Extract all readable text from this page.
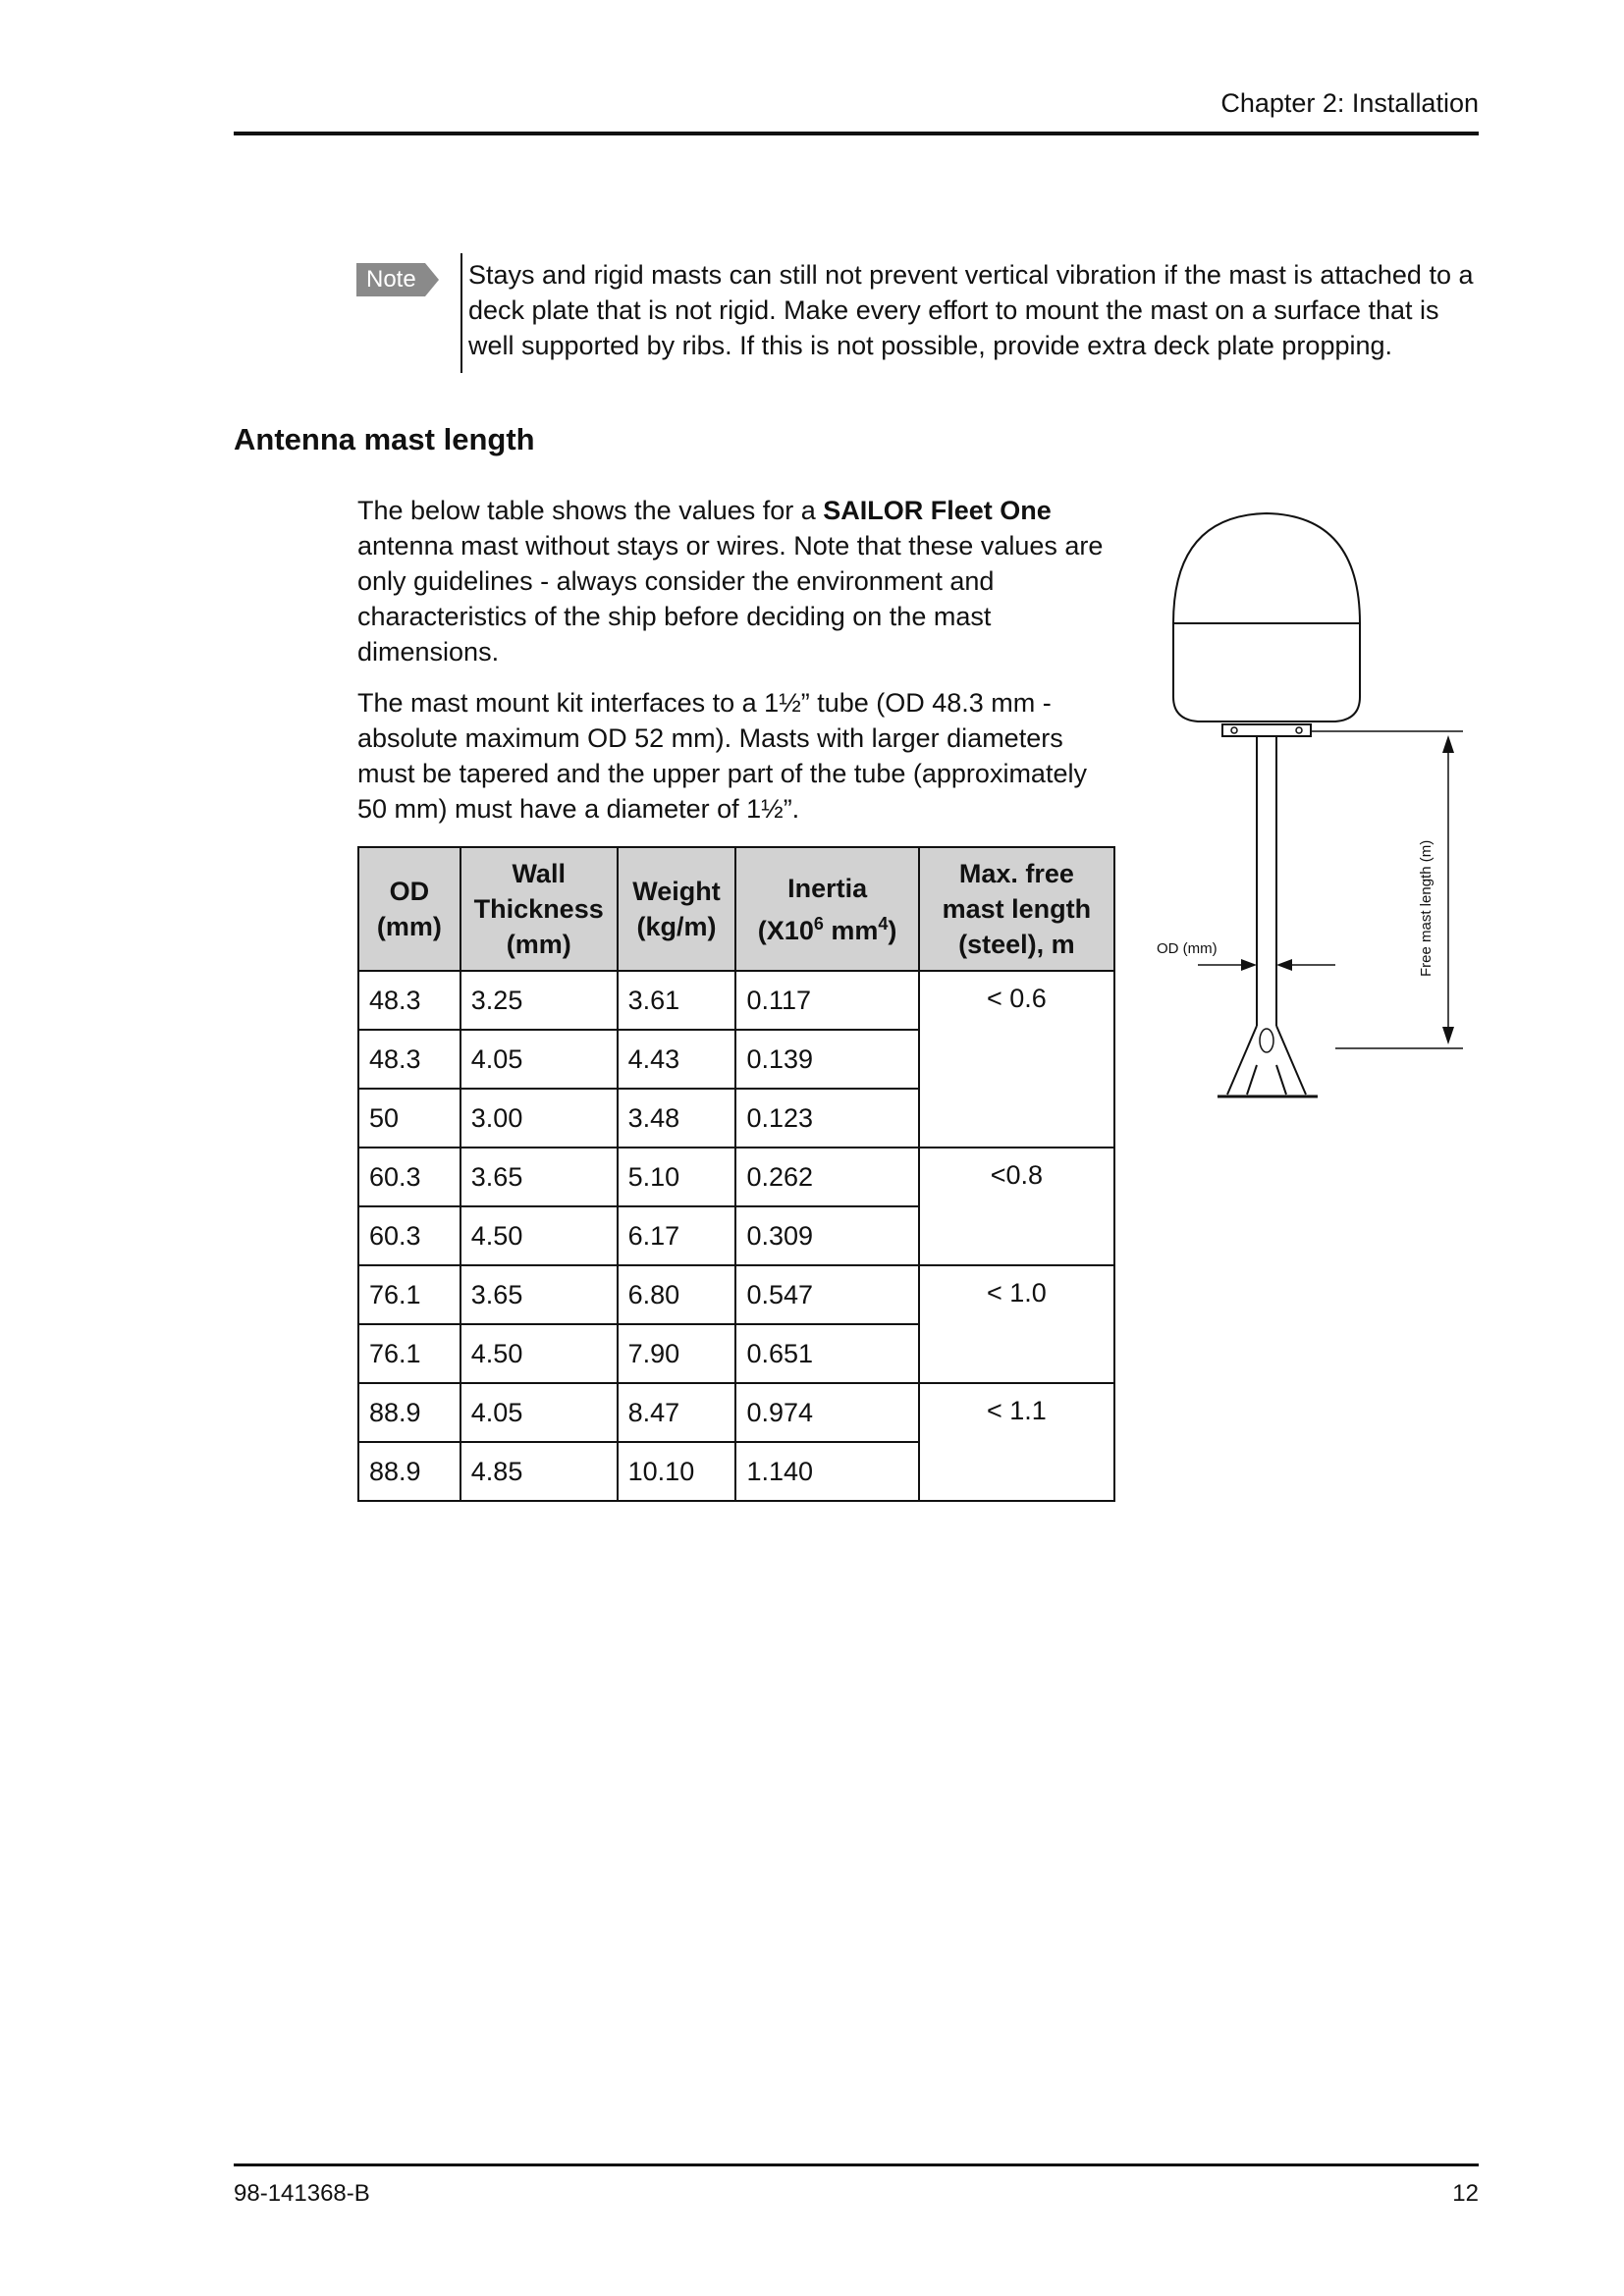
Chapter 2: Installation
Note	Stays and rigid masts can still not prevent vertical vibration if the mast is attached to a deck plate that is not rigid. Make every effort to mount the mast on a surface that is well supported by ribs. If this is not possible, provide extra deck plate propping.
Antenna mast length

The below table shows the values for a SAILOR Fleet One antenna mast without stays or wires. Note that these values are only guidelines - always consider the environment and characteristics of the ship before deciding on the mast dimensions.

The mast mount kit interfaces to a 1½” tube (OD 48.3 mm - absolute maximum OD 52 mm). Masts with larger diameters must be tapered and the upper part of the tube (approximately 50 mm) must have a diameter of 1½”.

OD
(mm)	Wall
Thickness
(mm)	Weight
(kg/m)	Inertia
($X10^6$ $mm^4$)	Max. free
mast length
(steel), m
48.3	3.25	3.61	0.117	< 0.6
48.3	4.05	4.43	0.139	
50	3.00	3.48	0.123	
60.3	3.65	5.10	0.262	<0.8
60.3	4.50	6.17	0.309	
76.1	3.65	6.80	0.547	< 1.0
76.1	4.50	7.90	0.651	
88.9	4.05	8.47	0.974	< 1.1
88.9	4.85	10.10	1.140	
OD (mm)	Free mast length (m)
98-141368-B	12
